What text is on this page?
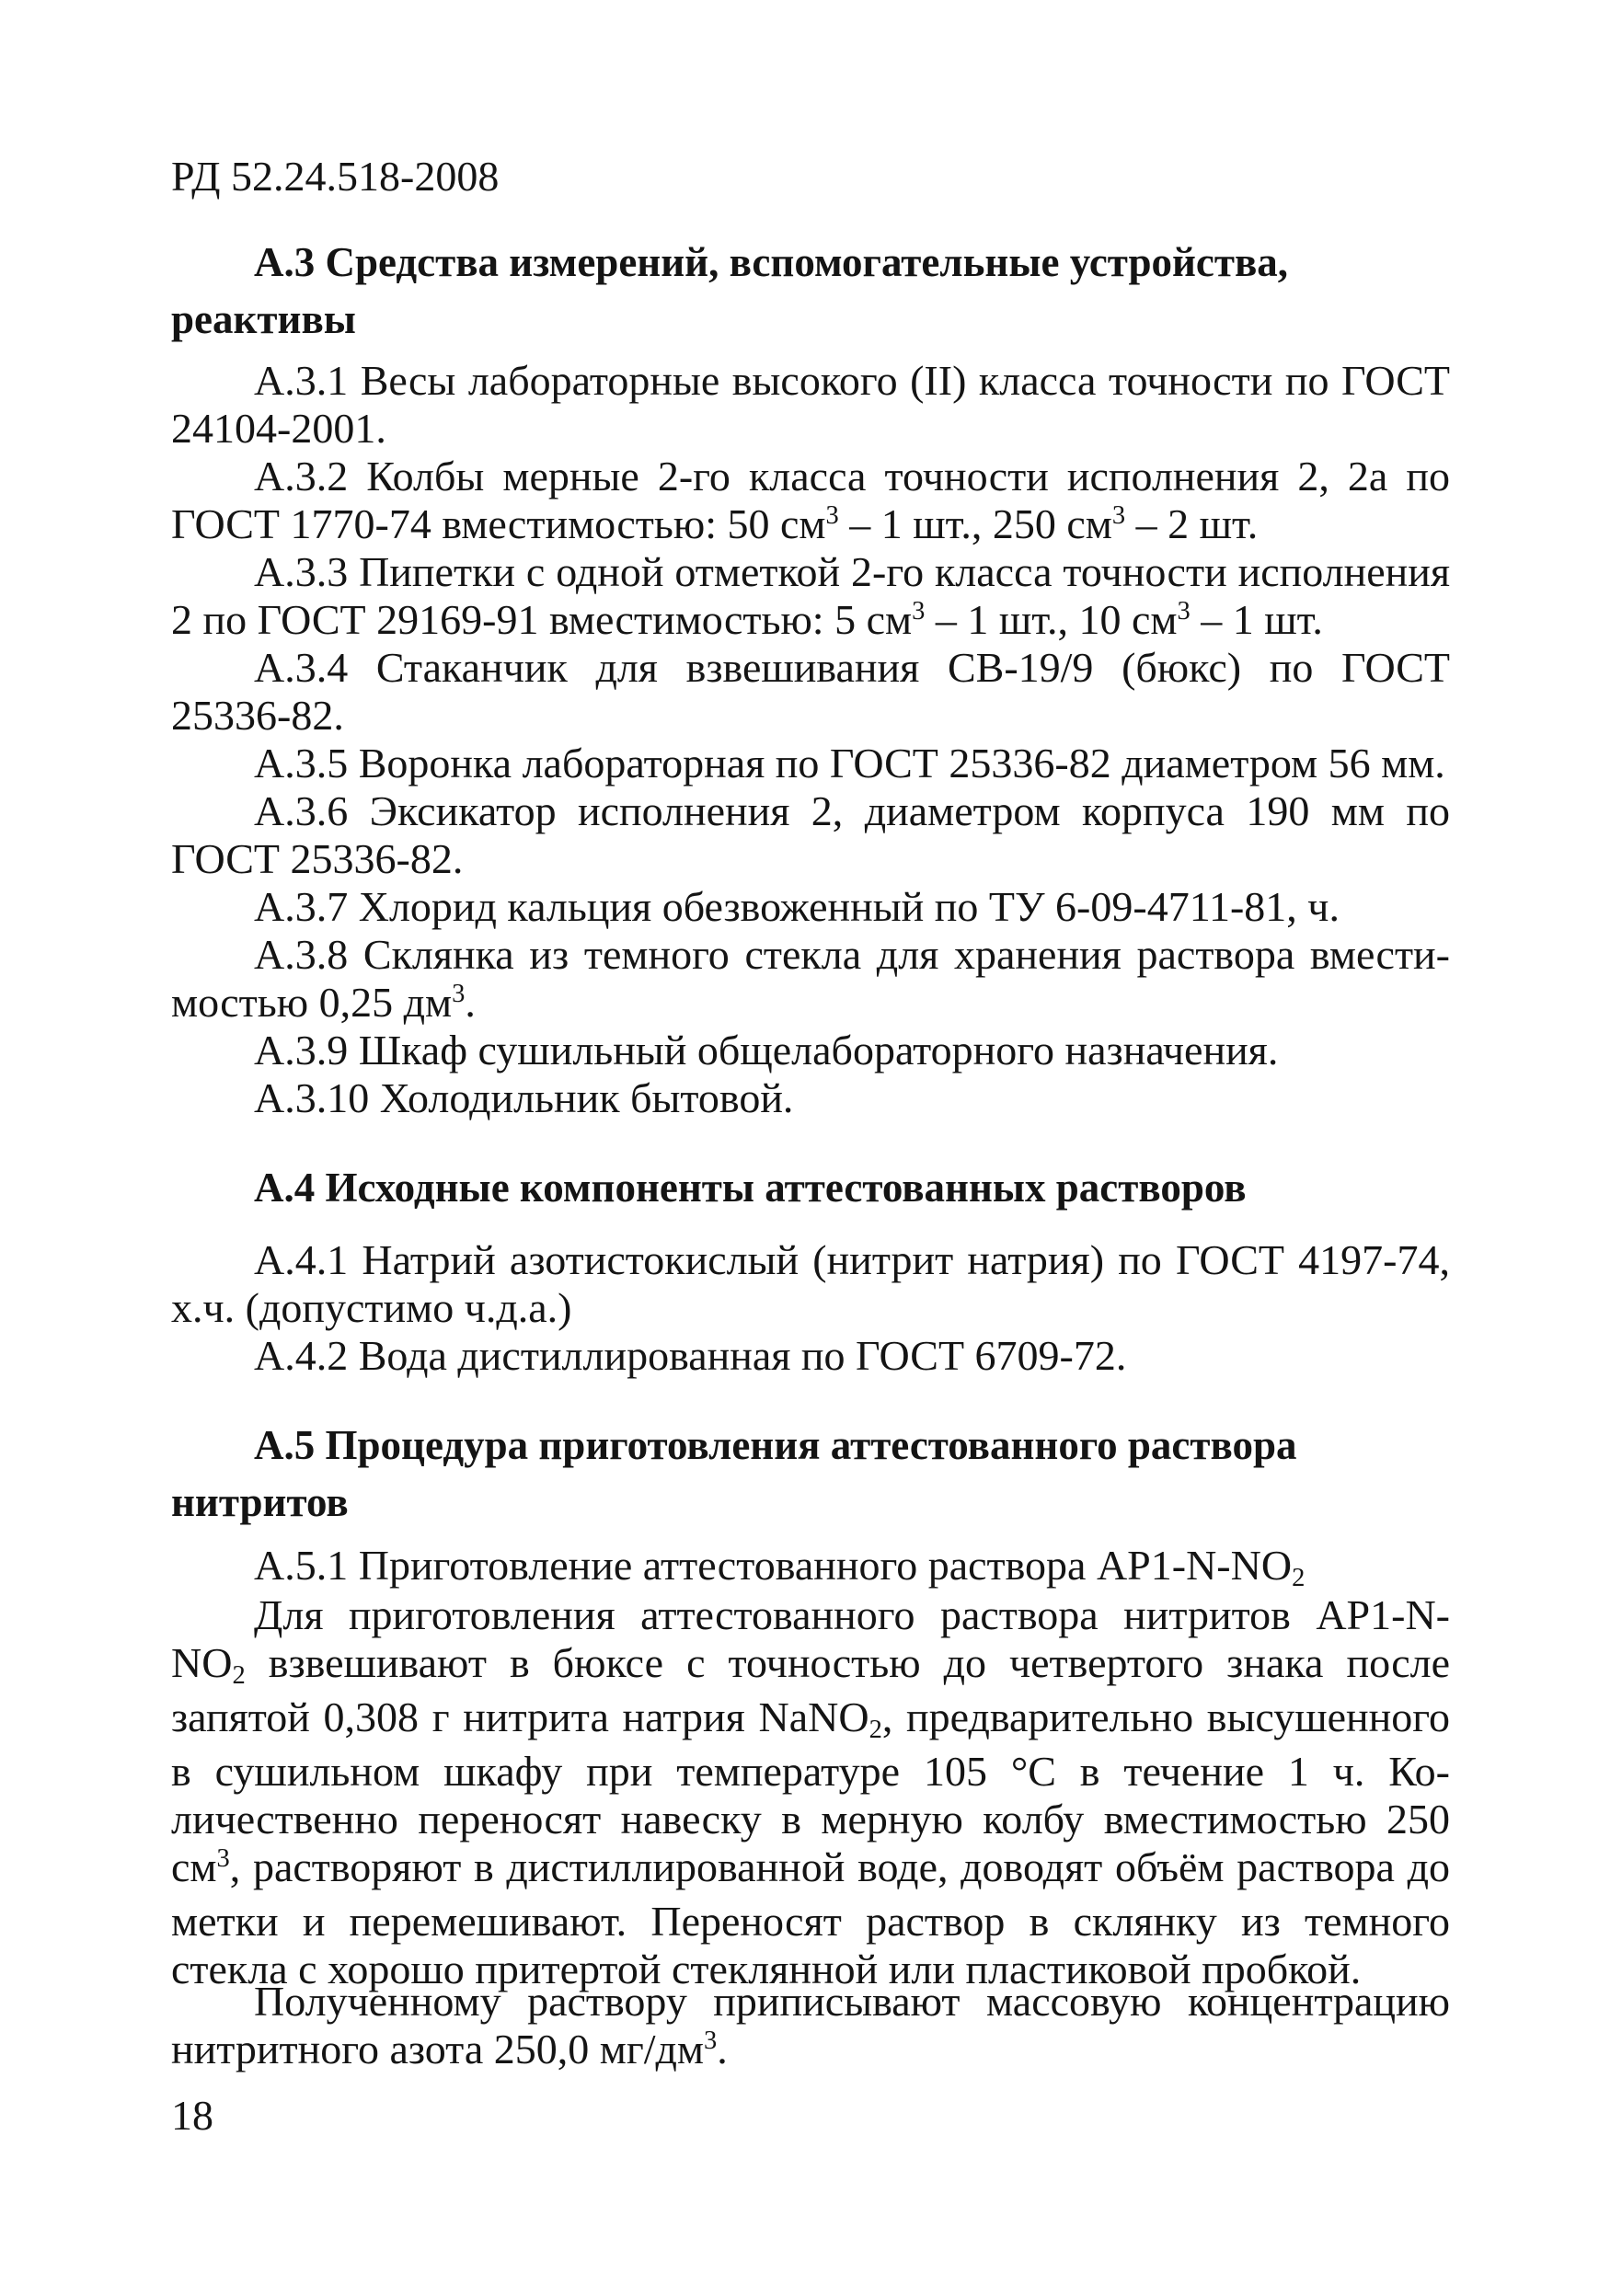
РД 52.24.518-2008
А.3 Средства измерений, вспомогательные устройства, реактивы

А.3.1 Весы лабораторные высокого (II) класса точности по ГОСТ 24104-2001.

А.3.2 Колбы мерные 2-го класса точности исполнения 2, 2а по ГОСТ 1770-74 вместимостью: 50 $см^3 - 1$ шт., 250 $см^3 - 2$ шт.

А.3.3 Пипетки с одной отметкой 2-го класса точности исполнения 2 по ГОСТ 29169-91 вместимостью: 5 $см^3 - 1$ шт., 10 $см^3 - 1$ шт.

А.3.4 Стаканчик для взвешивания СВ-19/9 (бюкс) по ГОСТ 25336-82.

А.3.5 Воронка лабораторная по ГОСТ 25336-82 диаметром 56 мм.

А.3.6 Эксикатор исполнения 2, диаметром корпуса 190 мм по ГОСТ 25336-82.

А.3.7 Хлорид кальция обезвоженный по ТУ 6-09-4711-81, ч.

А.3.8 Склянка из темного стекла для хранения раствора вместимостью 0,25 $дм^3$.

А.3.9 Шкаф сушильный общелабораторного назначения.

А.3.10 Холодильник бытовой.

А.4 Исходные компоненты аттестованных растворов

А.4.1 Натрий азотистокислый (нитрит натрия) по ГОСТ 4197-74, х.ч. (допустимо ч.д.а.)

А.4.2 Вода дистиллированная по ГОСТ 6709-72.

А.5 Процедура приготовления аттестованного раствора нитритов

А.5.1 Приготовление аттестованного раствора $АР1-N-NO_2$

Для приготовления аттестованного раствора нитритов $АР1-N-NO_2$ взвешивают в бюксе с точностью до четвертого знака после запятой 0,308 г нитрита натрия NaNO$_2$, предварительно высушенного в сушильном шкафу при температуре 105 °С в течение 1 ч. Количественно переносят навеску в мерную колбу вместимостью 250 $см^3$, растворяют в дистиллированной воде, доводят объём раствора до метки и перемешивают. Переносят раствор в склянку из темного стекла с хорошо притертой стеклянной или пластиковой пробкой.

Полученному раствору приписывают массовую концентрацию нитритного азота 250,0 $мг/дм^3$.

18
